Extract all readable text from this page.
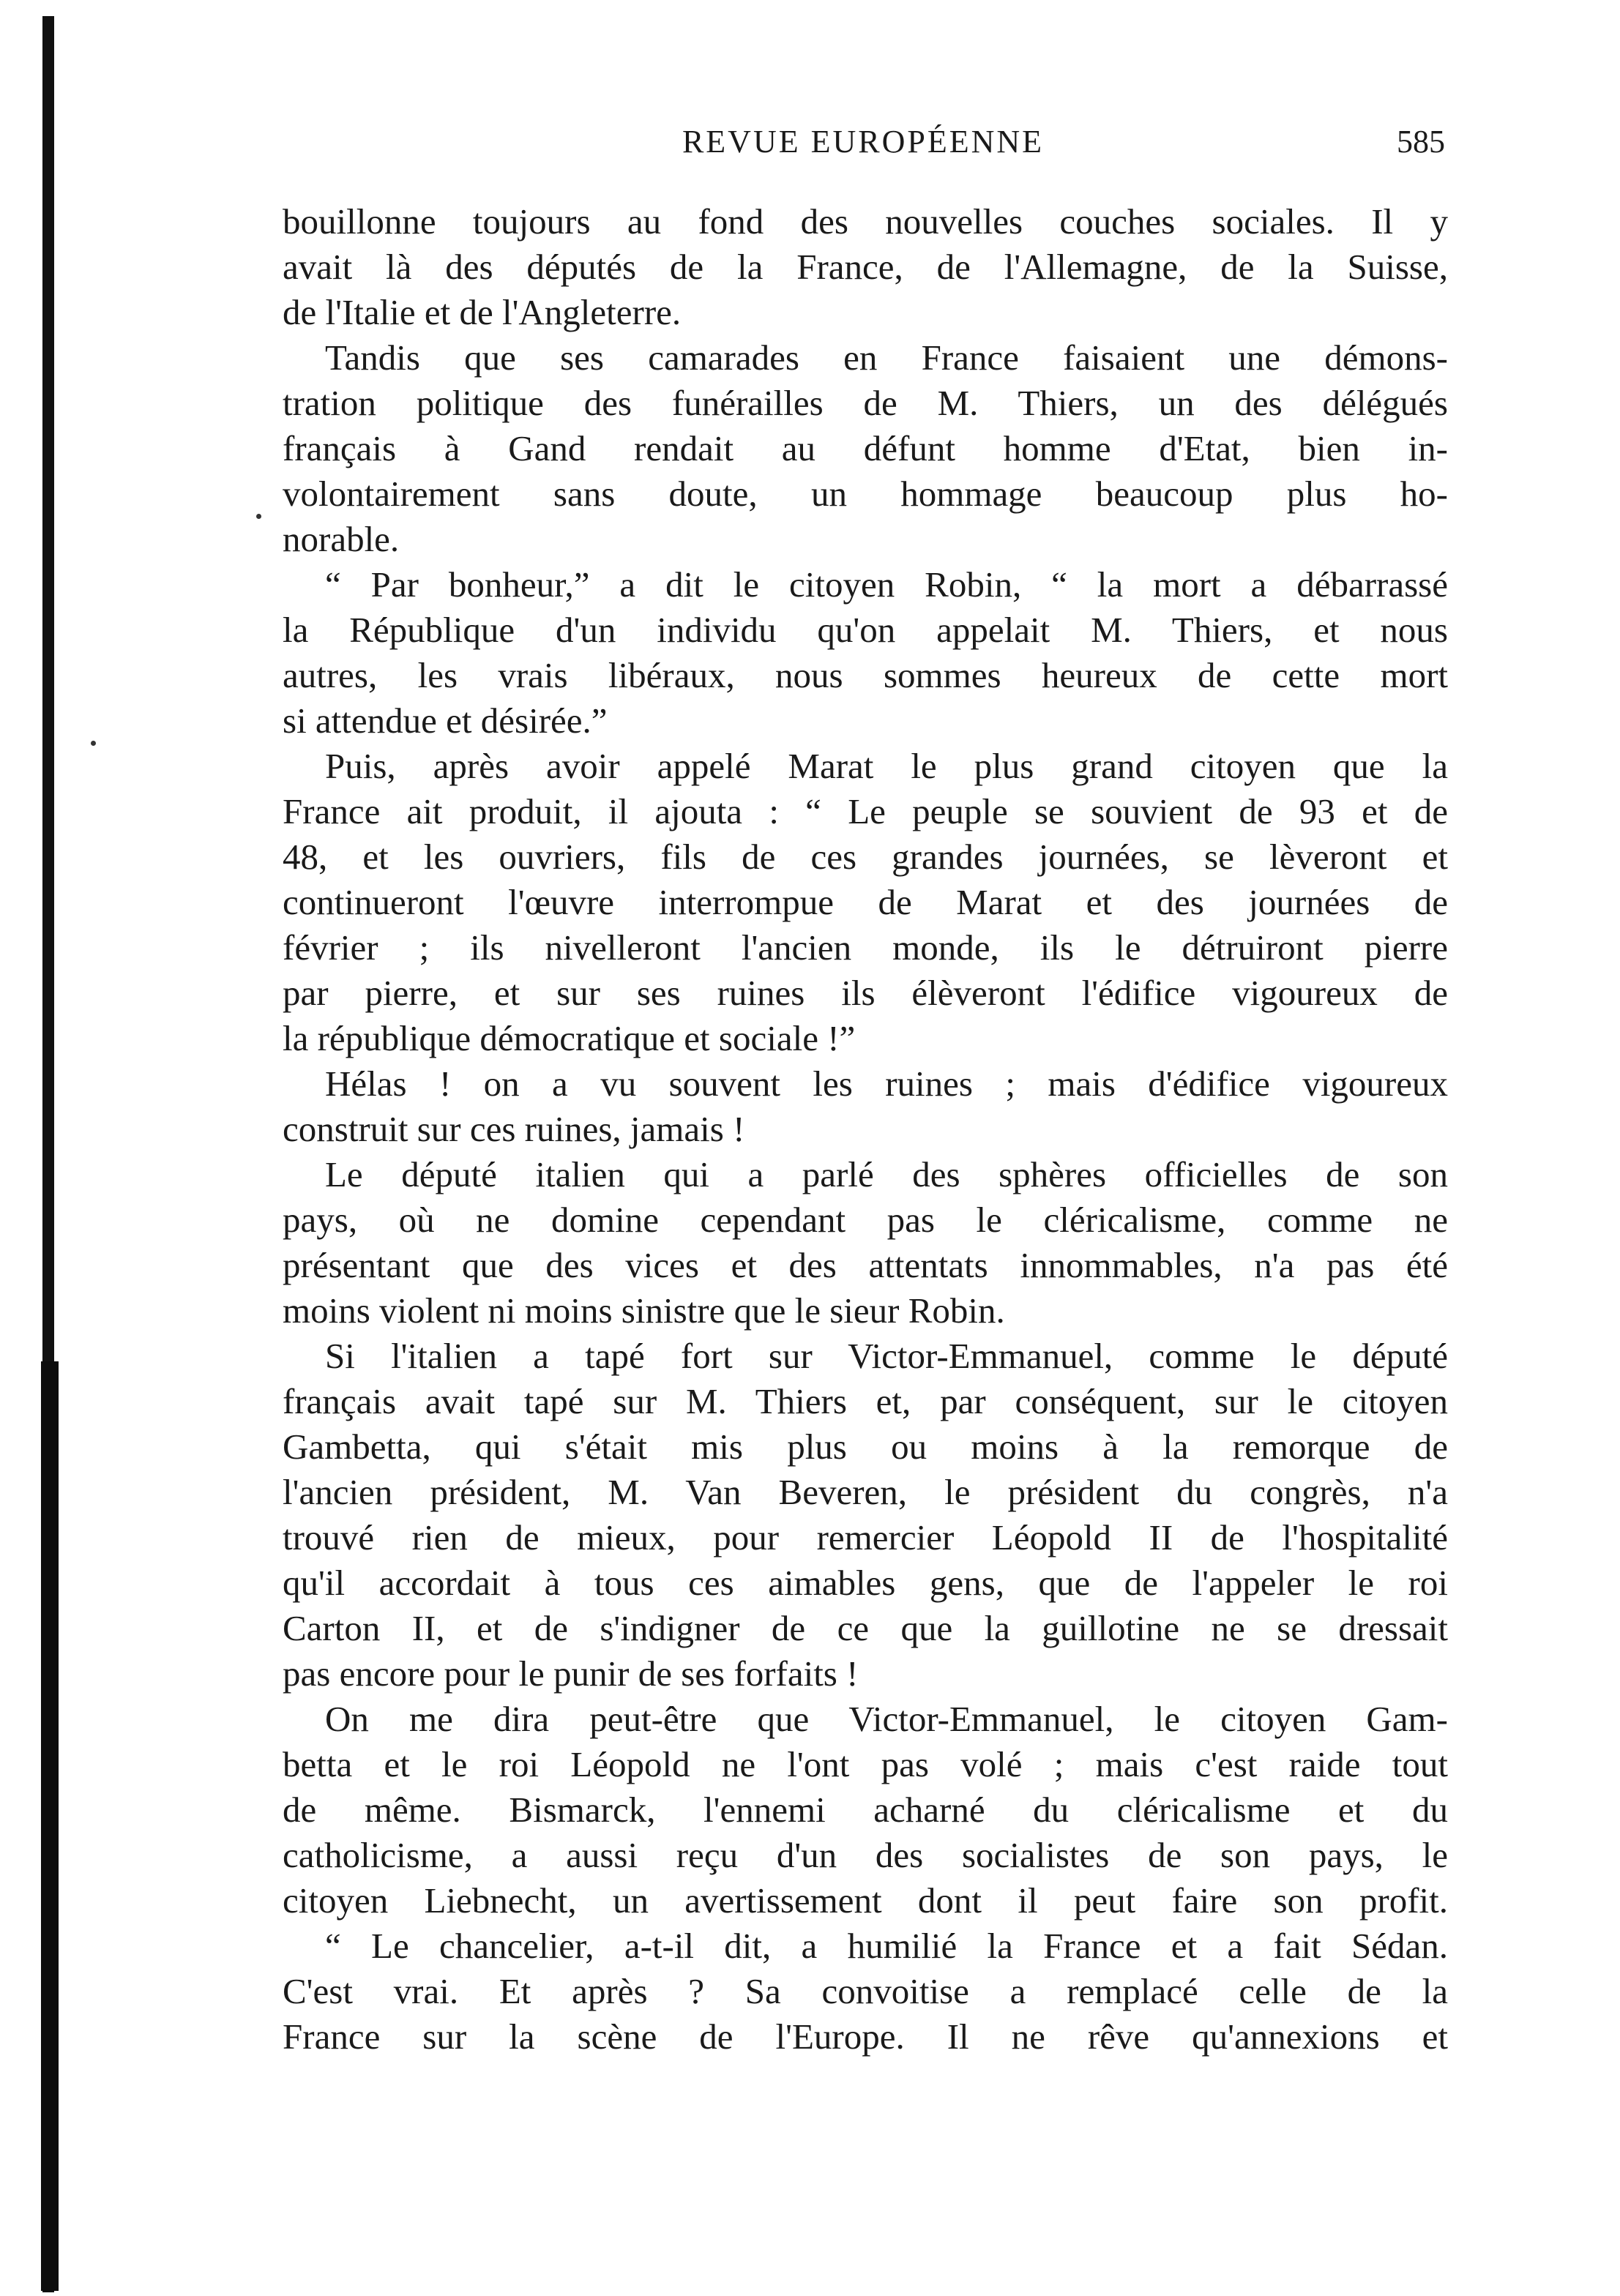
REVUE EUROPÉENNE	585
bouillonne toujours au fond des nouvelles couches sociales. Il y
avait là des députés de la France, de l'Allemagne, de la Suisse,
de l'Italie et de l'Angleterre.
Tandis que ses camarades en France faisaient une démons-
tration politique des funérailles de M. Thiers, un des délégués
français à Gand rendait au défunt homme d'Etat, bien in-
volontairement sans doute, un hommage beaucoup plus ho-
norable.
“ Par bonheur,” a dit le citoyen Robin, “ la mort a débarrassé
la République d'un individu qu'on appelait M. Thiers, et nous
autres, les vrais libéraux, nous sommes heureux de cette mort
si attendue et désirée.”
Puis, après avoir appelé Marat le plus grand citoyen que la
France ait produit, il ajouta : “ Le peuple se souvient de 93 et de
48, et les ouvriers, fils de ces grandes journées, se lèveront et
continueront l'œuvre interrompue de Marat et des journées de
février ; ils nivelleront l'ancien monde, ils le détruiront pierre
par pierre, et sur ses ruines ils élèveront l'édifice vigoureux de
la république démocratique et sociale !”
Hélas ! on a vu souvent les ruines ; mais d'édifice vigoureux
construit sur ces ruines, jamais !
Le député italien qui a parlé des sphères officielles de son
pays, où ne domine cependant pas le cléricalisme, comme ne
présentant que des vices et des attentats innommables, n'a pas été
moins violent ni moins sinistre que le sieur Robin.
Si l'italien a tapé fort sur Victor-Emmanuel, comme le député
français avait tapé sur M. Thiers et, par conséquent, sur le citoyen
Gambetta, qui s'était mis plus ou moins à la remorque de
l'ancien président, M. Van Beveren, le président du congrès, n'a
trouvé rien de mieux, pour remercier Léopold II de l'hospitalité
qu'il accordait à tous ces aimables gens, que de l'appeler le roi
Carton II, et de s'indigner de ce que la guillotine ne se dressait
pas encore pour le punir de ses forfaits !
On me dira peut-être que Victor-Emmanuel, le citoyen Gam-
betta et le roi Léopold ne l'ont pas volé ; mais c'est raide tout
de même. Bismarck, l'ennemi acharné du cléricalisme et du
catholicisme, a aussi reçu d'un des socialistes de son pays, le
citoyen Liebnecht, un avertissement dont il peut faire son profit.
“ Le chancelier, a-t-il dit, a humilié la France et a fait Sédan.
C'est vrai. Et après ? Sa convoitise a remplacé celle de la
France sur la scène de l'Europe. Il ne rêve qu'annexions et
